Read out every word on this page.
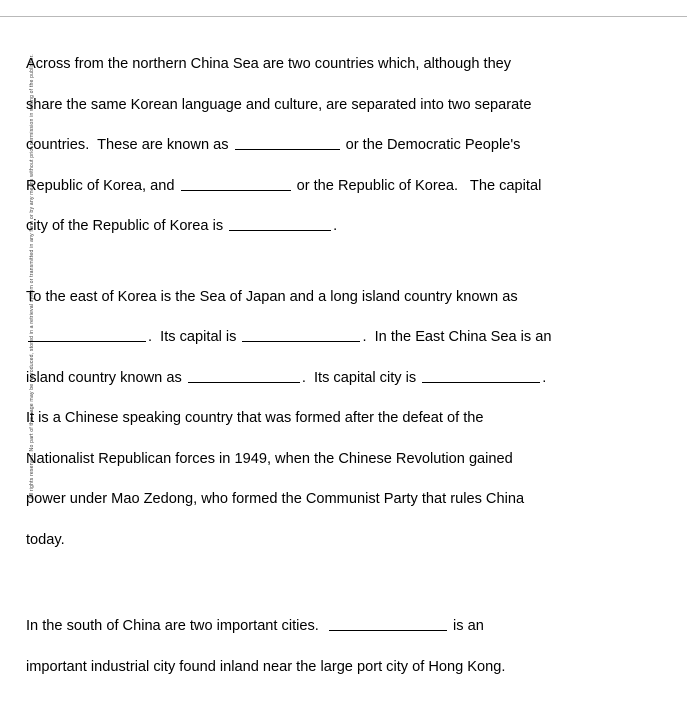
All rights reserved. No part of this page may be reproduced, stored in a retrieval system or transmitted in any form or by any means without prior permission in writing of the publisher.
Across from the northern China Sea are two countries which, although they
share the same Korean language and culture, are separated into two separate
countries.  These are known as	or the Democratic People's
Republic of Korea, and	or the Republic of Korea.   The capital
city of the Republic of Korea is	.
To the east of Korea is the Sea of Japan and a long island country known as
.  Its capital is	.  In the East China Sea is an
island country known as	.  Its capital city is	.
It is a Chinese speaking country that was formed after the defeat of the
Nationalist Republican forces in 1949, when the Chinese Revolution gained
power under Mao Zedong, who formed the Communist Party that rules China
today.
In the south of China are two important cities.	is an
important industrial city found inland near the large port city of Hong Kong.
